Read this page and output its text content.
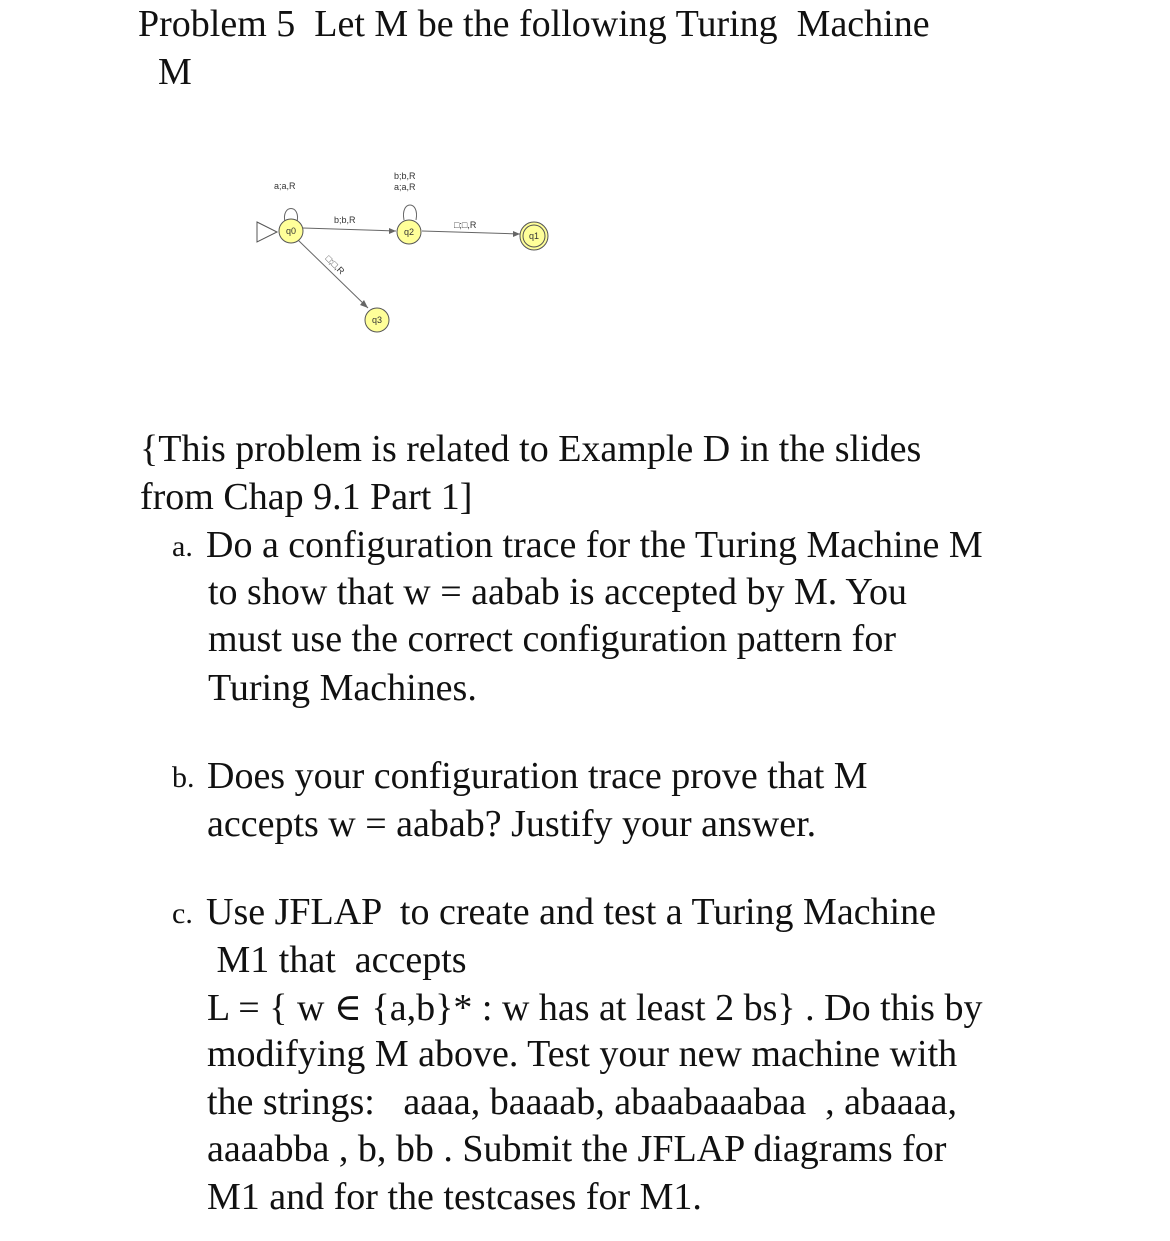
Problem 5  Let M be the following Turing  Machine
M
a;a,R
b;b,R
a;a,R
b;b,R	□;□,R
□;□,R
q0	q2	q1
q3
{This problem is related to Example D in the slides
from Chap 9.1 Part 1]
a. Do a configuration trace for the Turing Machine M
to show that w = aabab is accepted by M. You
must use the correct configuration pattern for
Turing Machines.
b. Does your configuration trace prove that M
accepts w = aabab? Justify your answer.
c. Use JFLAP  to create and test a Turing Machine
M1 that  accepts
L = { w ∈ {a,b}* : w has at least 2 bs} . Do this by
modifying M above. Test your new machine with
the strings:   aaaa, baaaab, abaabaaabaa  , abaaaa,
aaaabba , b, bb . Submit the JFLAP diagrams for
M1 and for the testcases for M1.
